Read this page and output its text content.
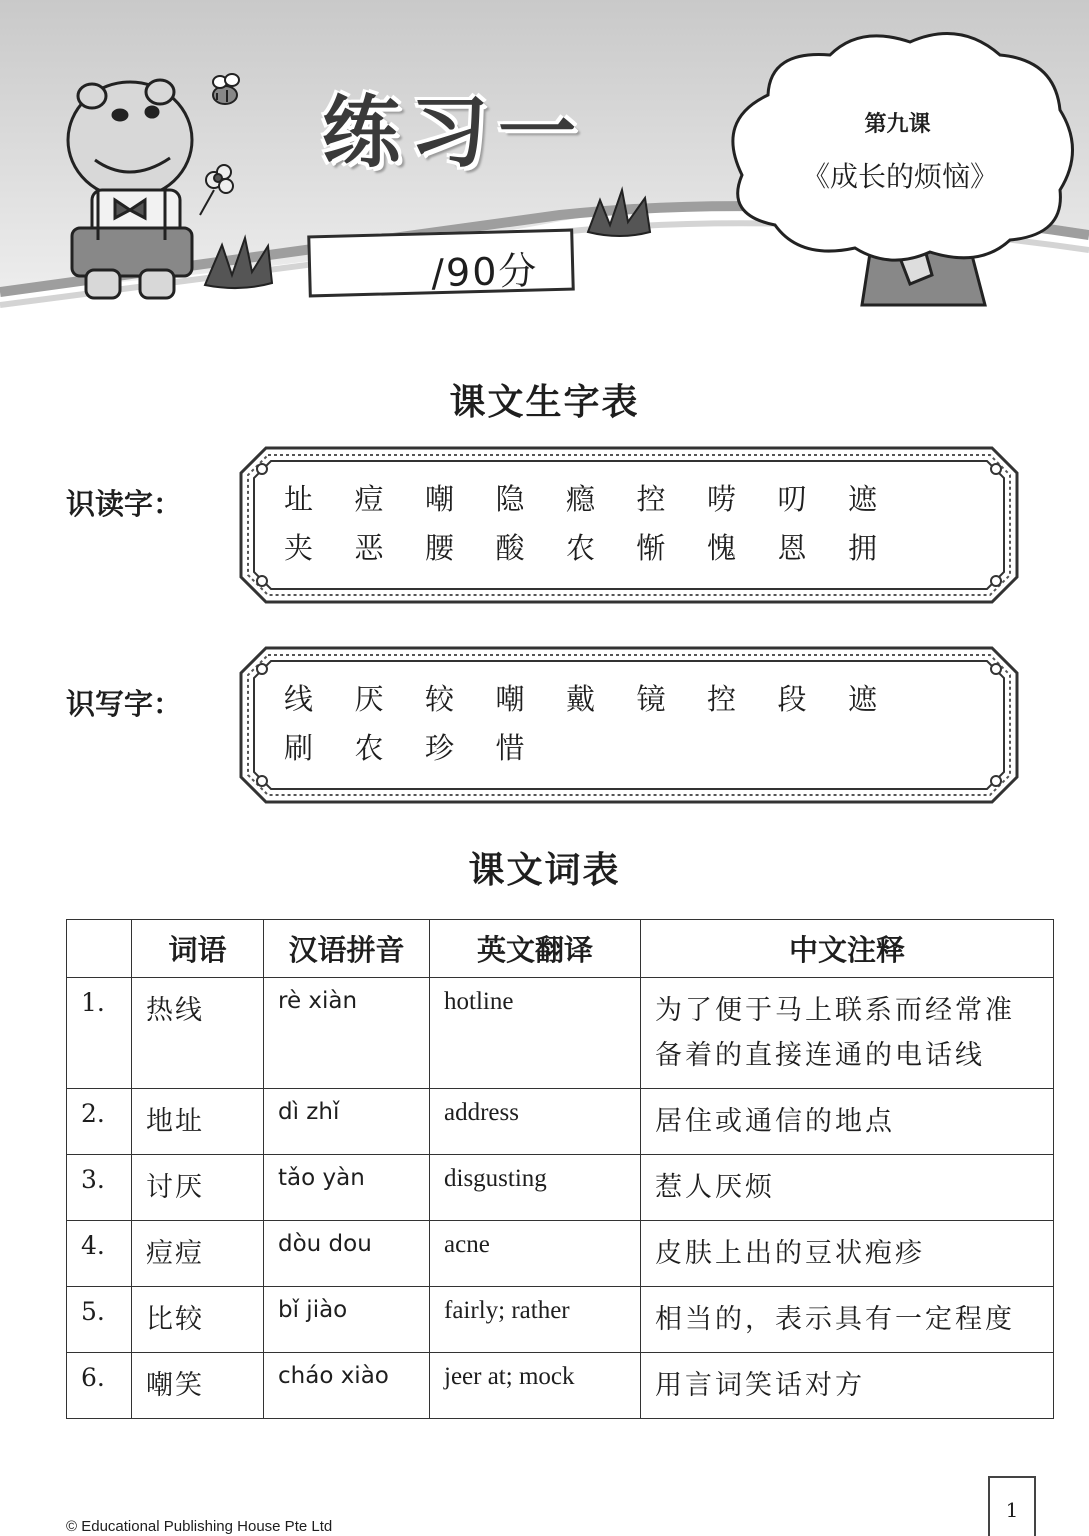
练习一
/90分
第九课
《成长的烦恼》
课文生字表
识读字：	址	痘	嘲	隐	瘾	控	唠	叨	遮
夹	恶	腰	酸	农	惭	愧	恩	拥
识写字：	线	厌	较	嘲	戴	镜	控	段	遮
刷	农	珍	惜
课文词表
	词语	汉语拼音	英文翻译	中文注释
1.	热线	rè xiàn	hotline	为了便于马上联系而经常准备着的直接连通的电话线
2.	地址	dì zhǐ	address	居住或通信的地点
3.	讨厌	tǎo yàn	disgusting	惹人厌烦
4.	痘痘	dòu dou	acne	皮肤上出的豆状疱疹
5.	比较	bǐ jiào	fairly; rather	相当的，表示具有一定程度
6.	嘲笑	cháo xiào	jeer at; mock	用言词笑话对方
© Educational Publishing House Pte Ltd
1
